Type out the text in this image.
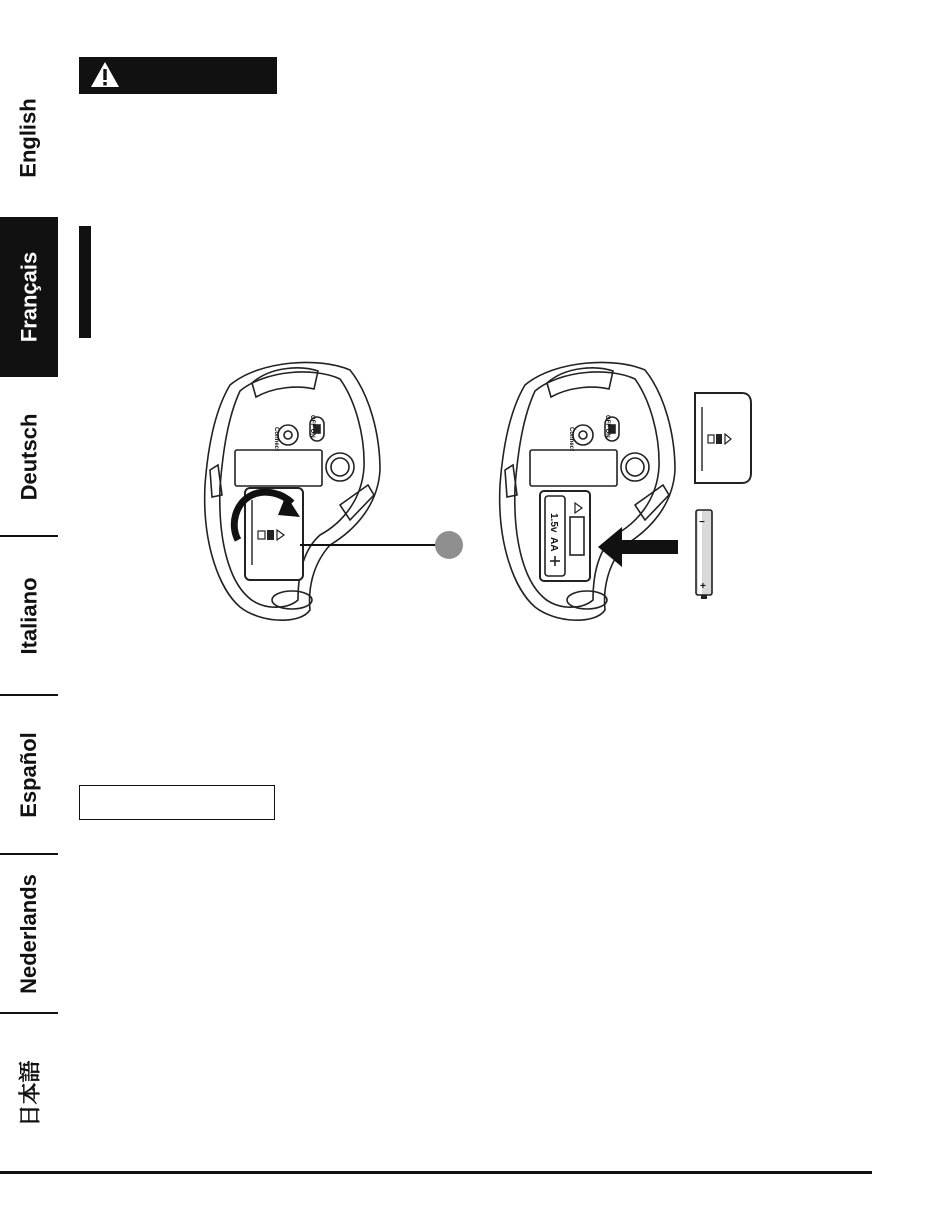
English
Français
Deutsch
Italiano
Español
Nederlands
日本語
OFF ON
Connect
OFF ON
Connect
1.5v
AA
−
+
